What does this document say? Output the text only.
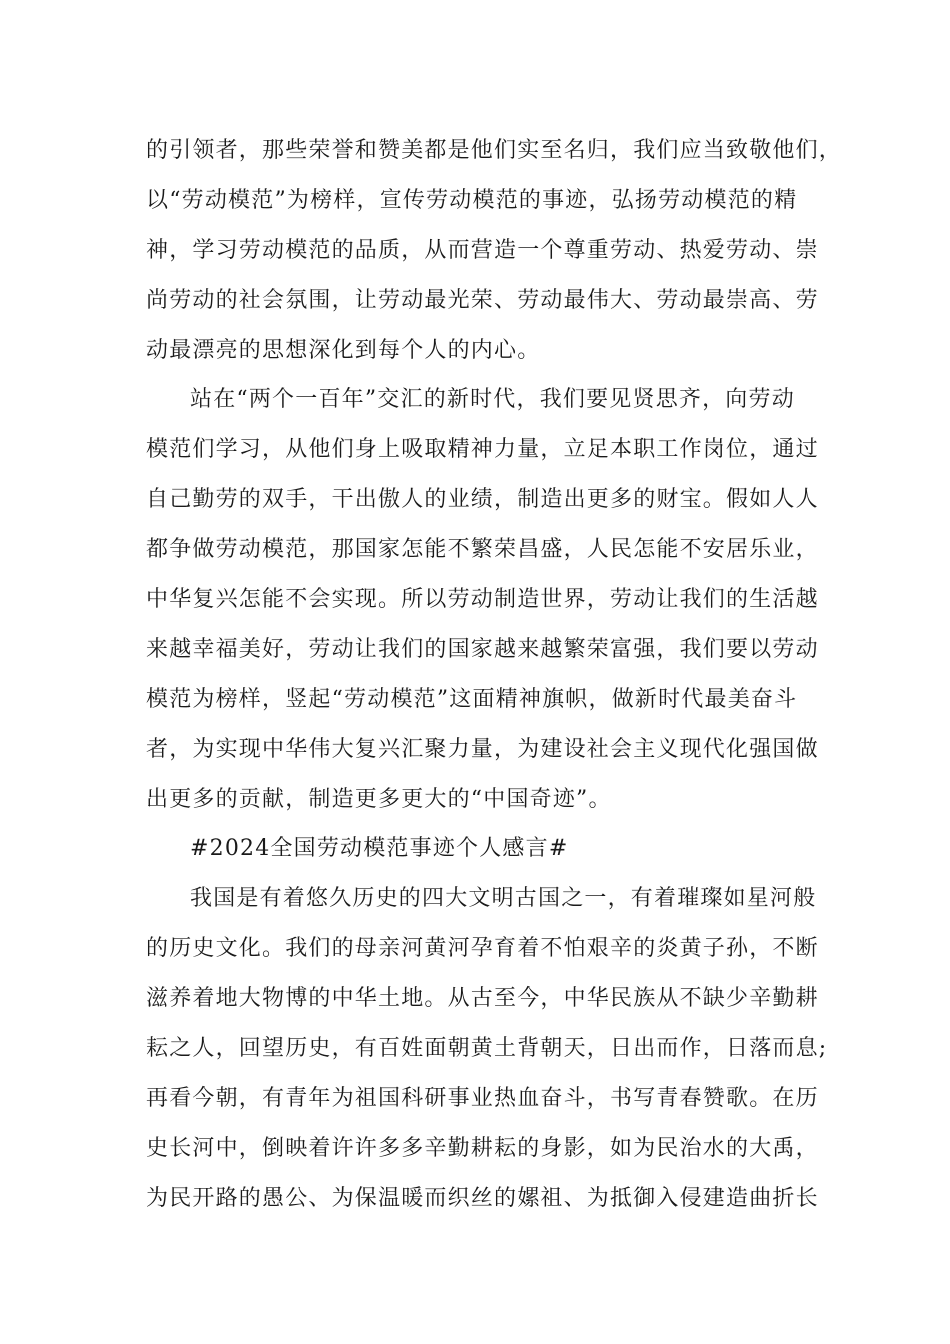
的引领者，那些荣誉和赞美都是他们实至名归，我们应当致敬他们，
以“劳动模范”为榜样，宣传劳动模范的事迹，弘扬劳动模范的精
神，学习劳动模范的品质，从而营造一个尊重劳动、热爱劳动、崇
尚劳动的社会氛围，让劳动最光荣、劳动最伟大、劳动最崇高、劳
动最漂亮的思想深化到每个人的内心。
站在“两个一百年”交汇的新时代，我们要见贤思齐，向劳动
模范们学习，从他们身上吸取精神力量，立足本职工作岗位，通过
自己勤劳的双手，干出傲人的业绩，制造出更多的财宝。假如人人
都争做劳动模范，那国家怎能不繁荣昌盛，人民怎能不安居乐业，
中华复兴怎能不会实现。所以劳动制造世界，劳动让我们的生活越
来越幸福美好，劳动让我们的国家越来越繁荣富强，我们要以劳动
模范为榜样，竖起“劳动模范”这面精神旗帜，做新时代最美奋斗
者，为实现中华伟大复兴汇聚力量，为建设社会主义现代化强国做
出更多的贡献，制造更多更大的“中国奇迹”。
#2024全国劳动模范事迹个人感言#
我国是有着悠久历史的四大文明古国之一，有着璀璨如星河般
的历史文化。我们的母亲河黄河孕育着不怕艰辛的炎黄子孙，不断
滋养着地大物博的中华土地。从古至今，中华民族从不缺少辛勤耕
耘之人，回望历史，有百姓面朝黄土背朝天，日出而作，日落而息;
再看今朝，有青年为祖国科研事业热血奋斗，书写青春赞歌。在历
史长河中，倒映着许许多多辛勤耕耘的身影，如为民治水的大禹，
为民开路的愚公、为保温暖而织丝的嫘祖、为抵御入侵建造曲折长
